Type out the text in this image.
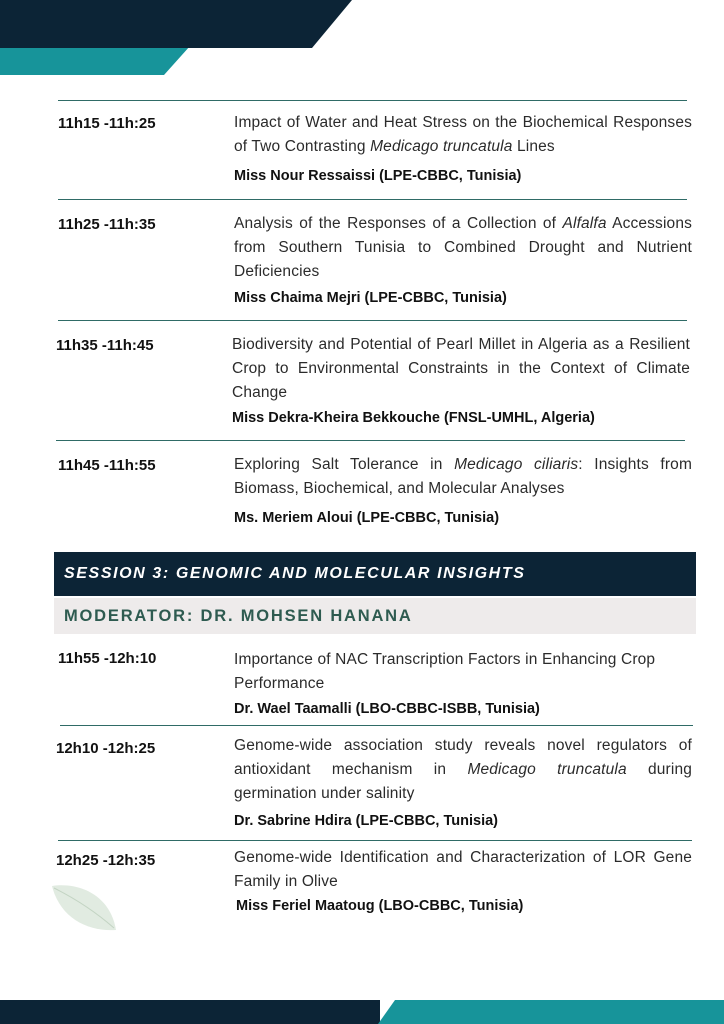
11h15 -11h:25	Impact of Water and Heat Stress on the Biochemical Responses of Two Contrasting Medicago truncatula Lines
Miss Nour Ressaissi (LPE-CBBC, Tunisia)
11h25 -11h:35	Analysis of the Responses of a Collection of Alfalfa Accessions from Southern Tunisia to Combined Drought and Nutrient Deficiencies
Miss Chaima Mejri (LPE-CBBC, Tunisia)
11h35 -11h:45	Biodiversity and Potential of Pearl Millet in Algeria as a Resilient Crop to Environmental Constraints in the Context of Climate Change
Miss Dekra-Kheira Bekkouche (FNSL-UMHL, Algeria)
11h45 -11h:55	Exploring Salt Tolerance in Medicago ciliaris: Insights from Biomass, Biochemical, and Molecular Analyses
Ms. Meriem Aloui (LPE-CBBC, Tunisia)
SESSION 3: GENOMIC AND MOLECULAR INSIGHTS
MODERATOR: DR. MOHSEN HANANA
11h55 -12h:10	Importance of NAC Transcription Factors in Enhancing Crop Performance
Dr. Wael Taamalli (LBO-CBBC-ISBB, Tunisia)
12h10 -12h:25	Genome-wide association study reveals novel regulators of antioxidant mechanism in Medicago truncatula during germination under salinity
Dr. Sabrine Hdira (LPE-CBBC, Tunisia)
12h25 -12h:35	Genome-wide Identification and Characterization of LOR Gene Family in Olive
Miss Feriel Maatoug (LBO-CBBC, Tunisia)
